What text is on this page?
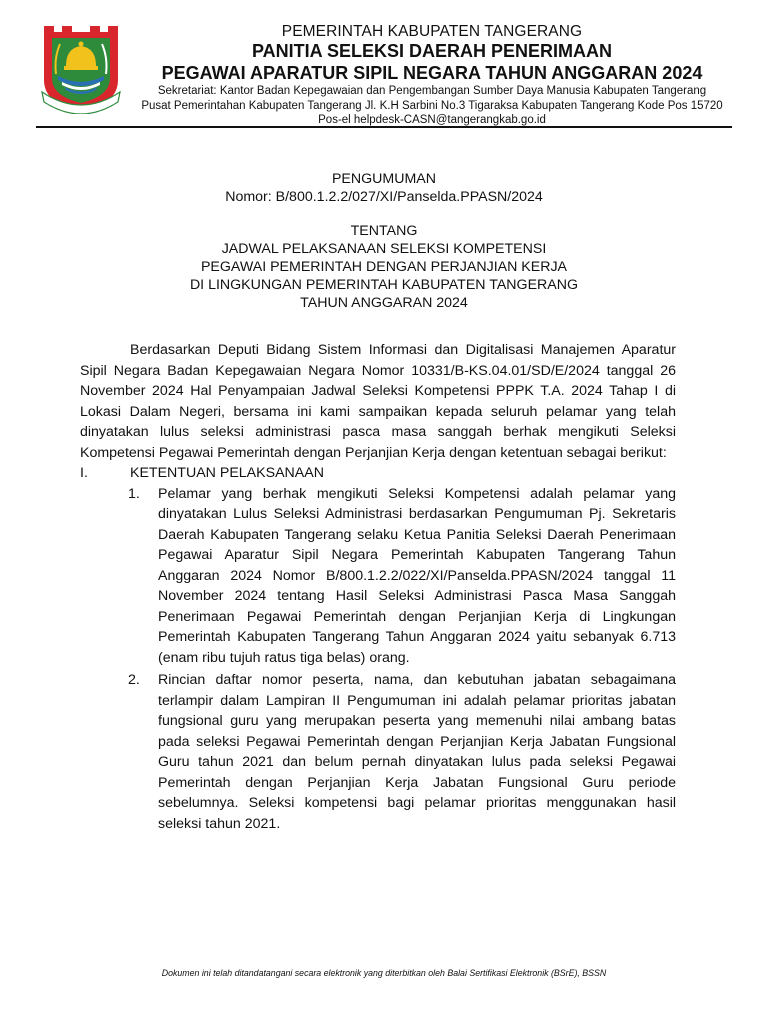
PEMERINTAH KABUPATEN TANGERANG
PANITIA SELEKSI DAERAH PENERIMAAN
PEGAWAI APARATUR SIPIL NEGARA TAHUN ANGGARAN 2024
Sekretariat: Kantor Badan Kepegawaian dan Pengembangan Sumber Daya Manusia Kabupaten Tangerang
Pusat Pemerintahan Kabupaten Tangerang Jl. K.H Sarbini No.3 Tigaraksa Kabupaten Tangerang Kode Pos 15720
Pos-el helpdesk-CASN@tangerangkab.go.id
PENGUMUMAN
Nomor: B/800.1.2.2/027/XI/Panselda.PPASN/2024
TENTANG
JADWAL PELAKSANAAN SELEKSI KOMPETENSI
PEGAWAI PEMERINTAH DENGAN PERJANJIAN KERJA
DI LINGKUNGAN PEMERINTAH KABUPATEN TANGERANG
TAHUN ANGGARAN 2024

Berdasarkan Deputi Bidang Sistem Informasi dan Digitalisasi Manajemen Aparatur Sipil Negara Badan Kepegawaian Negara Nomor 10331/B-KS.04.01/SD/E/2024 tanggal 26 November 2024 Hal Penyampaian Jadwal Seleksi Kompetensi PPPK T.A. 2024 Tahap I di Lokasi Dalam Negeri, bersama ini kami sampaikan kepada seluruh pelamar yang telah dinyatakan lulus seleksi administrasi pasca masa sanggah berhak mengikuti Seleksi Kompetensi Pegawai Pemerintah dengan Perjanjian Kerja dengan ketentuan sebagai berikut:

I.	KETENTUAN PELAKSANAAN
1. Pelamar yang berhak mengikuti Seleksi Kompetensi adalah pelamar yang dinyatakan Lulus Seleksi Administrasi berdasarkan Pengumuman Pj. Sekretaris Daerah Kabupaten Tangerang selaku Ketua Panitia Seleksi Daerah Penerimaan Pegawai Aparatur Sipil Negara Pemerintah Kabupaten Tangerang Tahun Anggaran 2024 Nomor B/800.1.2.2/022/XI/Panselda.PPASN/2024 tanggal 11 November 2024 tentang Hasil Seleksi Administrasi Pasca Masa Sanggah Penerimaan Pegawai Pemerintah dengan Perjanjian Kerja di Lingkungan Pemerintah Kabupaten Tangerang Tahun Anggaran 2024 yaitu sebanyak 6.713 (enam ribu tujuh ratus tiga belas) orang.
2. Rincian daftar nomor peserta, nama, dan kebutuhan jabatan sebagaimana terlampir dalam Lampiran II Pengumuman ini adalah pelamar prioritas jabatan fungsional guru yang merupakan peserta yang memenuhi nilai ambang batas pada seleksi Pegawai Pemerintah dengan Perjanjian Kerja Jabatan Fungsional Guru tahun 2021 dan belum pernah dinyatakan lulus pada seleksi Pegawai Pemerintah dengan Perjanjian Kerja Jabatan Fungsional Guru periode sebelumnya. Seleksi kompetensi bagi pelamar prioritas menggunakan hasil seleksi tahun 2021.
Dokumen ini telah ditandatangani secara elektronik yang diterbitkan oleh Balai Sertifikasi Elektronik (BSrE), BSSN
